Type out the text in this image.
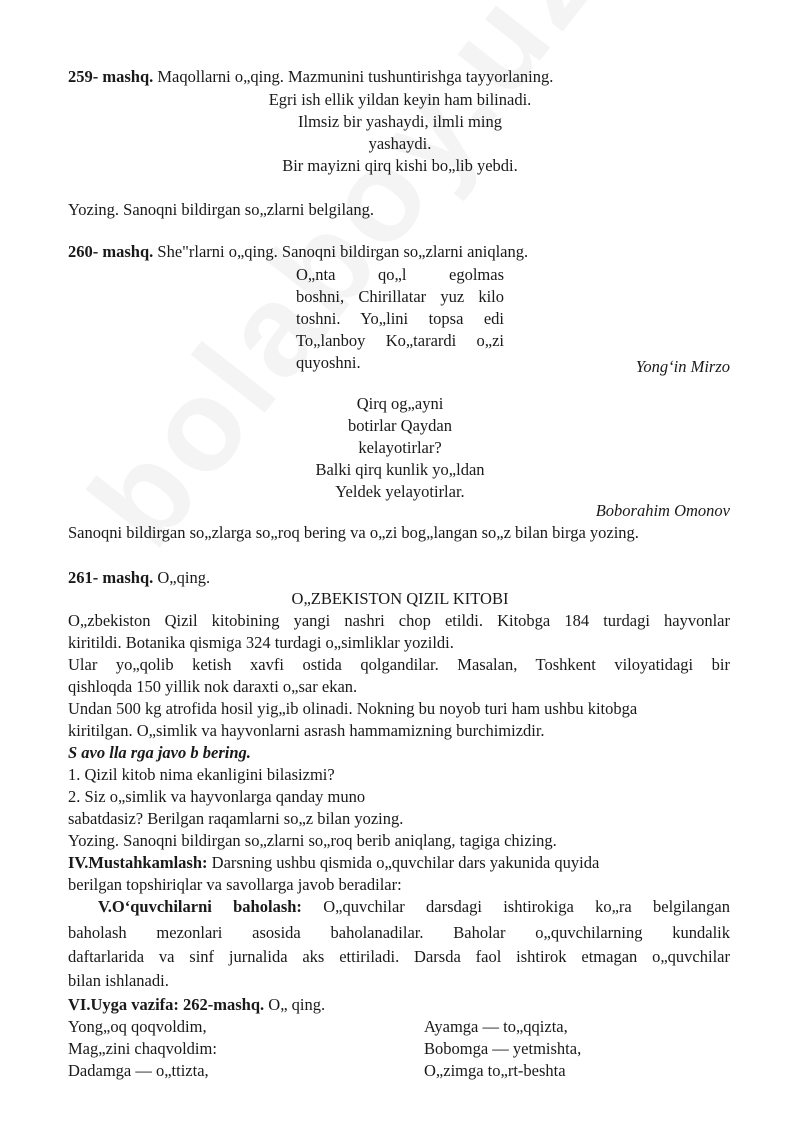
259- mashq. Maqollarni o„qing. Mazmunini tushuntirishga tayyorlaning.
Egri ish ellik yildan keyin ham bilinadi.
Ilmsiz bir yashaydi, ilmli ming
yashaydi.
Bir mayizni qirq kishi bo„lib yebdi.
Yozing. Sanoqni bildirgan so„zlarni belgilang.
260- mashq. She"rlarni o„qing. Sanoqni bildirgan so„zlarni aniqlang.
O„nta qo„l egolmas
boshni, Chirillatar yuz kilo
toshni. Yo„lini topsa edi
To„lanboy Ko„tarardi o„zi
quyoshni.	Yong‘in Mirzo
Qirq og„ayni
botirlar Qaydan
kelayotirlar?
Balki qirq kunlik yo„ldan
Yeldek yelayotirlar.
Boborahim Omonov
Sanoqni bildirgan so„zlarga so„roq bering va o„zi bog„langan so„z bilan birga yozing.
261- mashq. O„qing.
O„ZBEKISTON QIZIL KITOBI
O„zbekiston Qizil kitobining yangi nashri chop etildi. Kitobga 184 turdagi hayvonlar
kiritildi. Botanika qismiga 324 turdagi o„simliklar yozildi.
Ular yo„qolib ketish xavfi ostida qolgandilar. Masalan, Toshkent viloyatidagi bir
qishloqda 150 yillik nok daraxti o„sar ekan.
Undan 500 kg atrofida hosil yig„ib olinadi. Nokning bu noyob turi ham ushbu kitobga
kiritilgan. O„simlik va hayvonlarni asrash hammamizning burchimizdir.
S avo lla rga javo b bering.
1. Qizil kitob nima ekanligini bilasizmi?
2. Siz o„simlik va hayvonlarga qanday muno
sabatdasiz? Berilgan raqamlarni so„z bilan yozing.
Yozing. Sanoqni bildirgan so„zlarni so„roq berib aniqlang, tagiga chizing.
IV.Mustahkamlash: Darsning ushbu qismida o„quvchilar dars yakunida quyida
berilgan topshiriqlar va savollarga javob beradilar:
V.O‘quvchilarni baholash: O„quvchilar darsdagi ishtirokiga ko„ra belgilangan
baholash mezonlari asosida baholanadilar. Baholar o„quvchilarning kundalik
daftarlarida va sinf jurnalida aks ettiriladi. Darsda faol ishtirok etmagan o„quvchilar
bilan ishlanadi.
VI.Uyga vazifa: 262-mashq. O„ qing.
Yong„oq qoqvoldim,
Mag„zini chaqvoldim:
Dadamga — o„ttizta,
Ayamga — to„qqizta,
Bobomga — yetmishta,
O„zimga to„rt-beshta
